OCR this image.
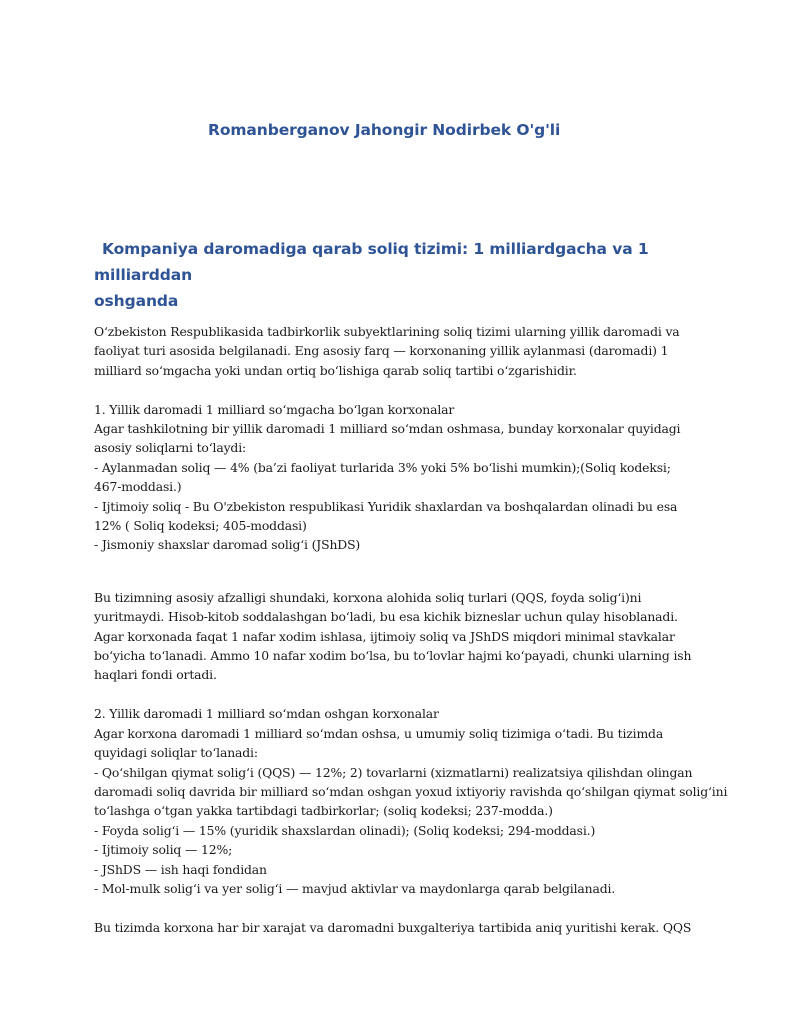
Romanberganov Jahongir Nodirbek O'g'li
Kompaniya daromadiga qarab soliq tizimi: 1 milliardgacha va 1 milliarddan
oshganda

O‘zbekiston Respublikasida tadbirkorlik subyektlarining soliq tizimi ularning yillik daromadi va
faoliyat turi asosida belgilanadi. Eng asosiy farq — korxonaning yillik aylanmasi (daromadi) 1
milliard so‘mgacha yoki undan ortiq bo‘lishiga qarab soliq tartibi o‘zgarishidir.

1. Yillik daromadi 1 milliard so‘mgacha bo‘lgan korxonalar
Agar tashkilotning bir yillik daromadi 1 milliard so‘mdan oshmasa, bunday korxonalar quyidagi
asosiy soliqlarni to‘laydi:
- Aylanmadan soliq — 4% (ba’zi faoliyat turlarida 3% yoki 5% bo‘lishi mumkin);(Soliq kodeksi;
467-moddasi.)
- Ijtimoiy soliq - Bu O'zbekiston respublikasi Yuridik shaxlardan va boshqalardan olinadi bu esa
12% ( Soliq kodeksi; 405-moddasi)
- Jismoniy shaxslar daromad solig‘i (JShDS)

Bu tizimning asosiy afzalligi shundaki, korxona alohida soliq turlari (QQS, foyda solig‘i)ni
yuritmaydi. Hisob-kitob soddalashgan bo‘ladi, bu esa kichik bizneslar uchun qulay hisoblanadi.
Agar korxonada faqat 1 nafar xodim ishlasa, ijtimoiy soliq va JShDS miqdori minimal stavkalar
bo‘yicha to‘lanadi. Ammo 10 nafar xodim bo‘lsa, bu to‘lovlar hajmi ko‘payadi, chunki ularning ish
haqlari fondi ortadi.

2. Yillik daromadi 1 milliard so‘mdan oshgan korxonalar
Agar korxona daromadi 1 milliard so‘mdan oshsa, u umumiy soliq tizimiga o‘tadi. Bu tizimda
quyidagi soliqlar to‘lanadi:
- Qo‘shilgan qiymat solig‘i (QQS) — 12%; 2) tovarlarni (xizmatlarni) realizatsiya qilishdan olingan
daromadi soliq davrida bir milliard so‘mdan oshgan yoxud ixtiyoriy ravishda qo‘shilgan qiymat solig‘ini
to‘lashga o‘tgan yakka tartibdagi tadbirkorlar; (soliq kodeksi; 237-modda.)
- Foyda solig‘i — 15% (yuridik shaxslardan olinadi); (Soliq kodeksi; 294-moddasi.)
- Ijtimoiy soliq — 12%;
- JShDS — ish haqi fondidan
- Mol-mulk solig‘i va yer solig‘i — mavjud aktivlar va maydonlarga qarab belgilanadi.

Bu tizimda korxona har bir xarajat va daromadni buxgalteriya tartibida aniq yuritishi kerak. QQS
